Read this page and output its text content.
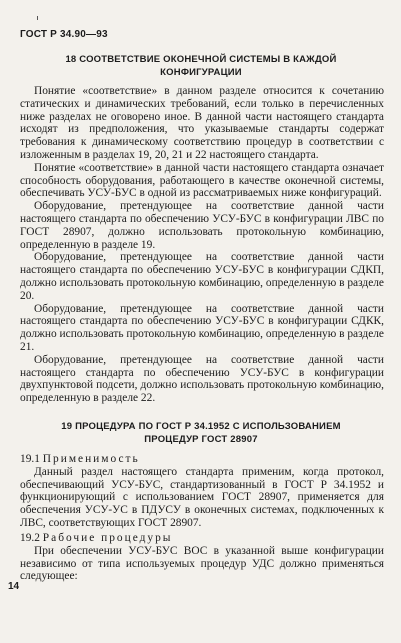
ГОСТ Р 34.90—93
18 СООТВЕТСТВИЕ ОКОНЕЧНОЙ СИСТЕМЫ В КАЖДОЙ
КОНФИГУРАЦИИ

Понятие «соответствие» в данном разделе относится к сочетанию статических и динамических требований, если только в перечисленных ниже разделах не оговорено иное. В данной части настоящего стандарта исходят из предположения, что указываемые стандарты содержат требования к динамическому соответствию процедур в соответствии с изложенным в разделах 19, 20, 21 и 22 настоящего стандарта.

Понятие «соответствие» в данной части настоящего стандарта означает способность оборудования, работающего в качестве оконечной системы, обеспечивать УСУ-БУС в одной из рассматриваемых ниже конфигураций.

Оборудование, претендующее на соответствие данной части настоящего стандарта по обеспечению УСУ-БУС в конфигурации ЛВС по ГОСТ 28907, должно использовать протокольную комбинацию, определенную в разделе 19.

Оборудование, претендующее на соответствие данной части настоящего стандарта по обеспечению УСУ-БУС в конфигурации СДКП, должно использовать протокольную комбинацию, определенную в разделе 20.

Оборудование, претендующее на соответствие данной части настоящего стандарта по обеспечению УСУ-БУС в конфигурации СДКК, должно использовать протокольную комбинацию, определенную в разделе 21.

Оборудование, претендующее на соответствие данной части настоящего стандарта по обеспечению УСУ-БУС в конфигурации двухпунктовой подсети, должно использовать протокольную комбинацию, определенную в разделе 22.

19 ПРОЦЕДУРА ПО ГОСТ Р 34.1952 С ИСПОЛЬЗОВАНИЕМ
ПРОЦЕДУР ГОСТ 28907
19.1 Применимость

Данный раздел настоящего стандарта применим, когда протокол, обеспечивающий УСУ-БУС, стандартизованный в ГОСТ Р 34.1952 и функционирующий с использованием ГОСТ 28907, применяется для обеспечения УСУ-УС в ПДУСУ в оконечных системах, подключенных к ЛВС, соответствующих ГОСТ 28907.

19.2 Рабочие процедуры

При обеспечении УСУ-БУС ВОС в указанной выше конфигурации независимо от типа используемых процедур УДС должно применяться следующее:

14
